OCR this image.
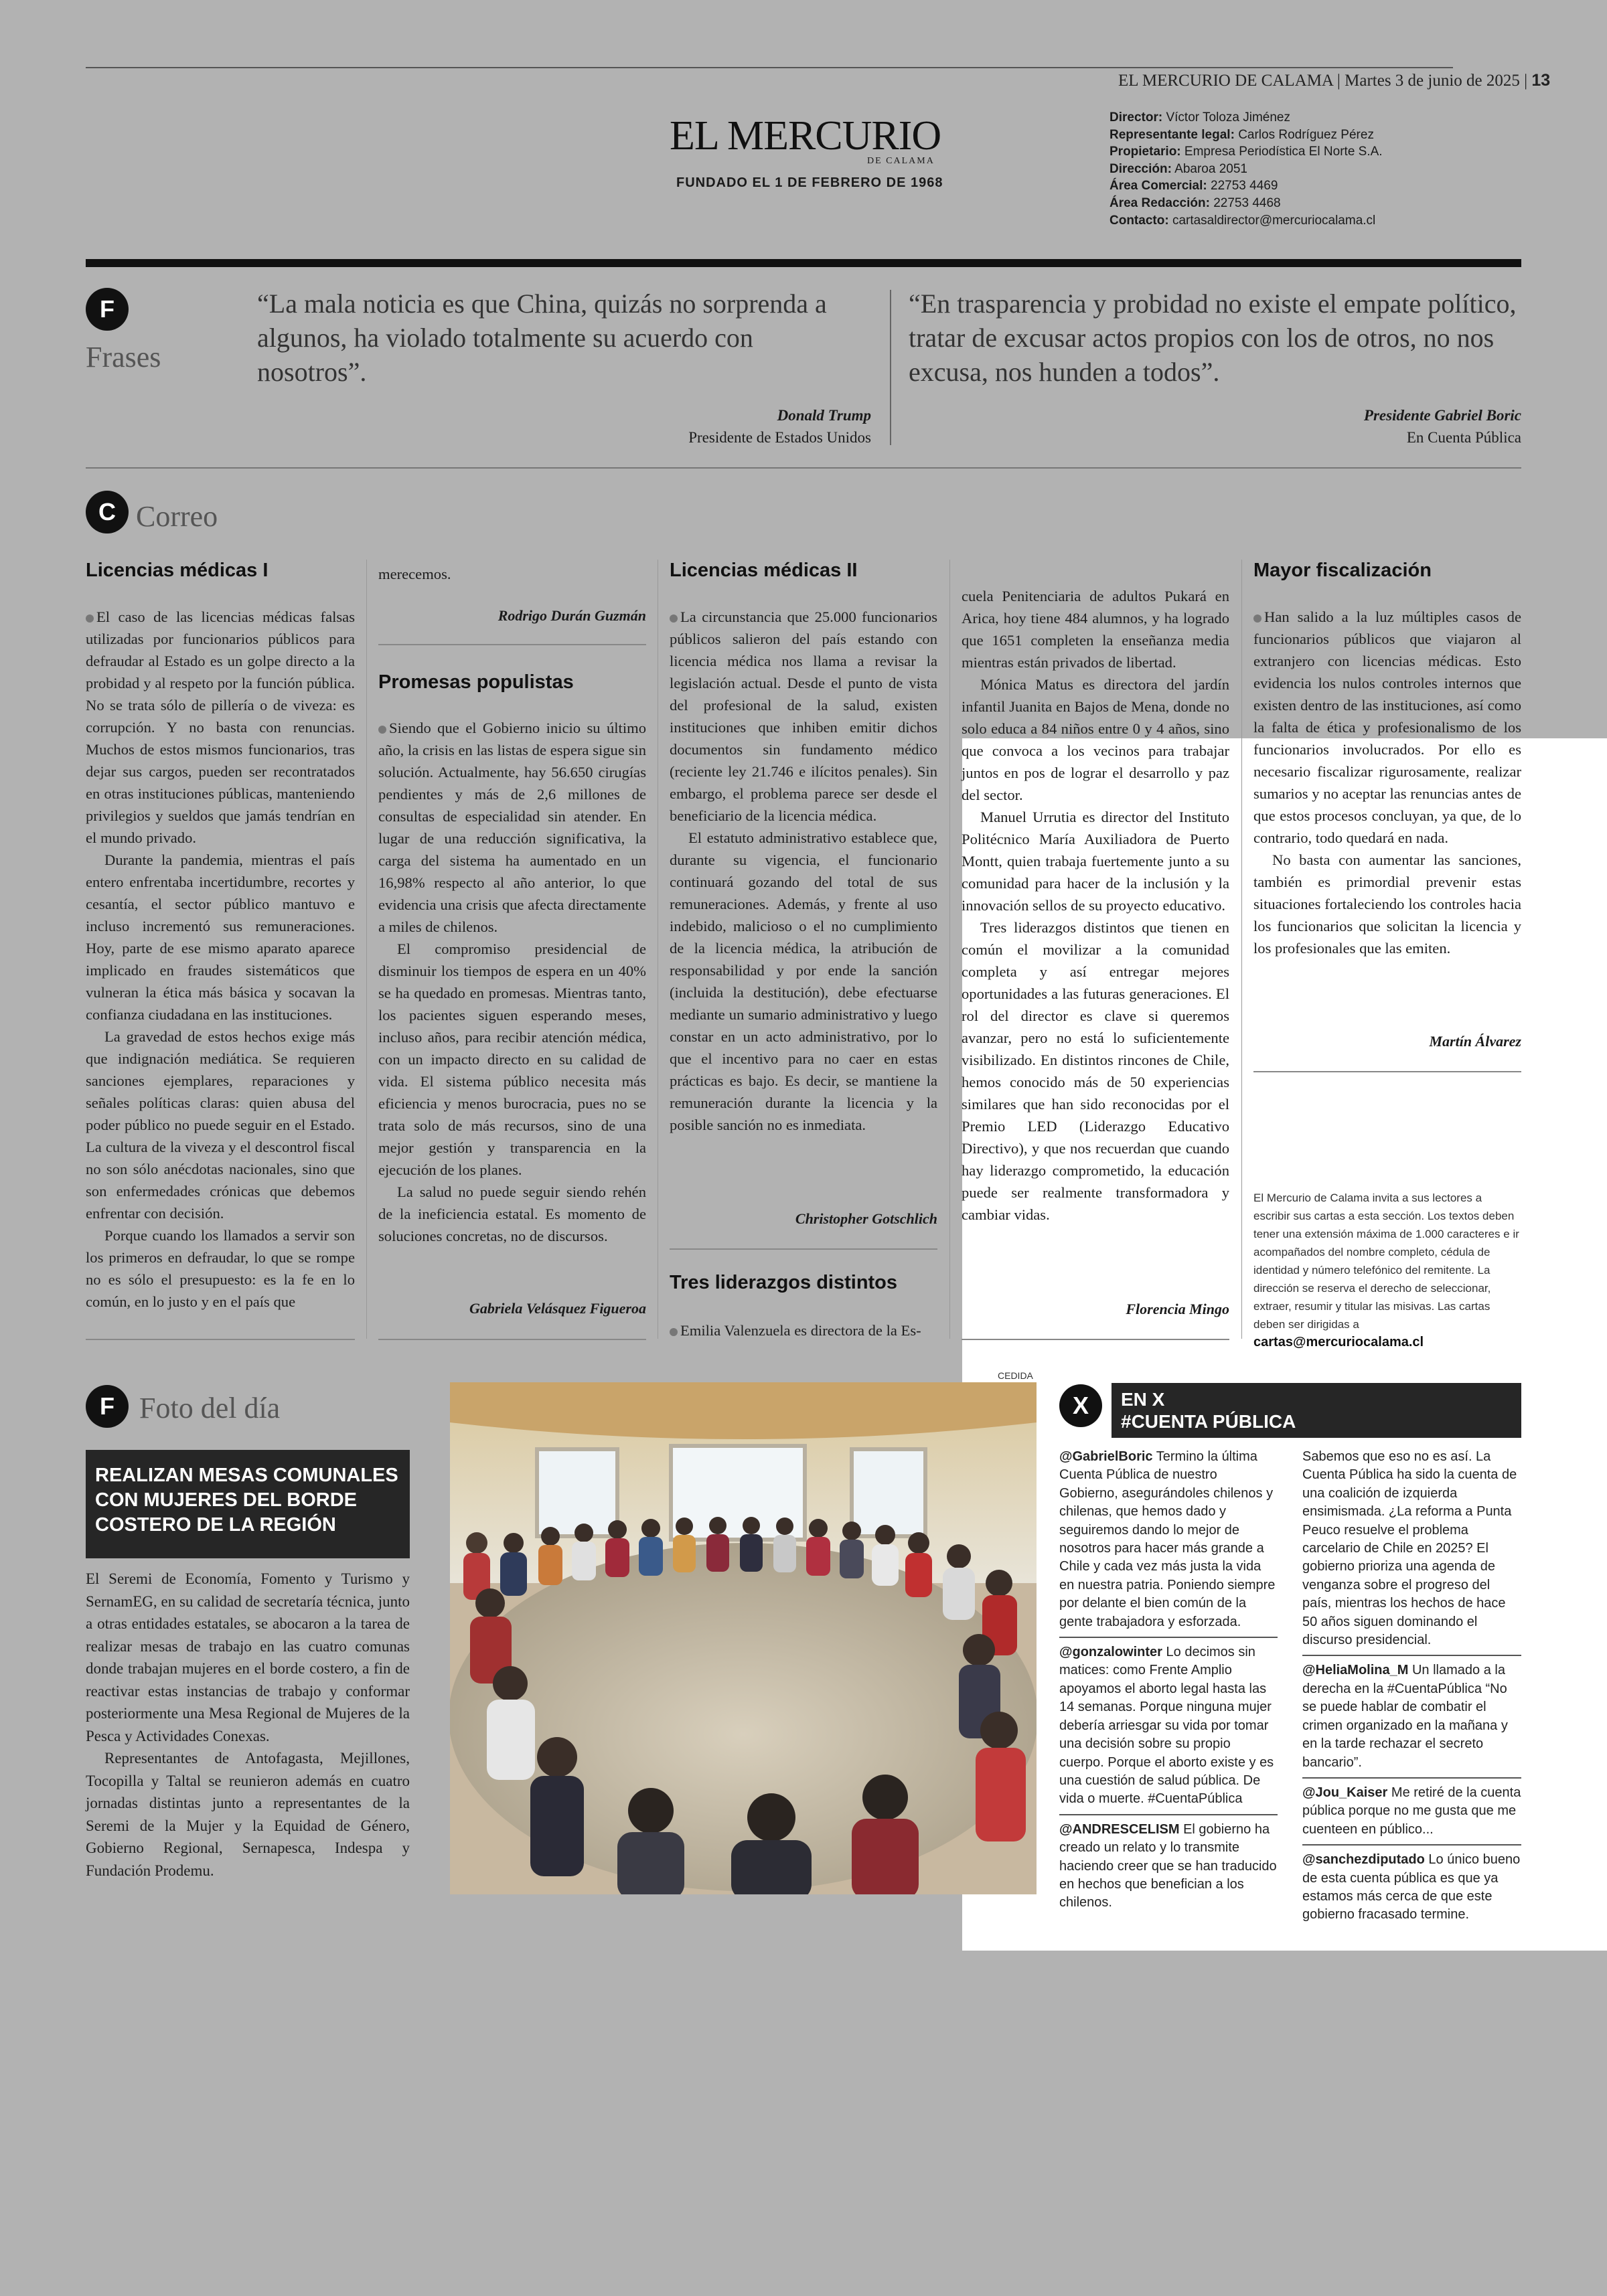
EL MERCURIO DE CALAMA | Martes 3 de junio de 2025 | 13
EL MERCURIO
DE CALAMA
FUNDADO EL 1 DE FEBRERO DE 1968
Director: Víctor Toloza Jiménez
Representante legal: Carlos Rodríguez Pérez
Propietario: Empresa Periodística El Norte S.A.
Dirección: Abaroa 2051
Área Comercial: 22753 4469
Área Redacción: 22753 4468
Contacto: cartasaldirector@mercuriocalama.cl
F
Frases
“La mala noticia es que China, quizás no sorprenda a algunos, ha violado totalmente su acuerdo con nosotros”.
Donald Trump
Presidente de Estados Unidos
“En trasparencia y probidad no existe el empate político, tratar de excusar actos propios con los de otros, no nos excusa, nos hunden a todos”.
Presidente Gabriel Boric
En Cuenta Pública
C Correo
Licencias médicas I

El caso de las licencias médicas falsas utilizadas por funcionarios públicos para defraudar al Estado es un golpe directo a la probidad y al respeto por la función pública. No se trata sólo de pillería o de viveza: es corrupción. Y no basta con renuncias. Muchos de estos mismos funcionarios, tras dejar sus cargos, pueden ser recontratados en otras instituciones públicas, manteniendo privilegios y sueldos que jamás tendrían en el mundo privado.

Durante la pandemia, mientras el país entero enfrentaba incertidumbre, recortes y cesantía, el sector público mantuvo e incluso incrementó sus remuneraciones. Hoy, parte de ese mismo aparato aparece implicado en fraudes sistemáticos que vulneran la ética más básica y socavan la confianza ciudadana en las instituciones.

La gravedad de estos hechos exige más que indignación mediática. Se requieren sanciones ejemplares, reparaciones y señales políticas claras: quien abusa del poder público no puede seguir en el Estado. La cultura de la viveza y el descontrol fiscal no son sólo anécdotas nacionales, sino que son enfermedades crónicas que debemos enfrentar con decisión.

Porque cuando los llamados a servir son los primeros en defraudar, lo que se rompe no es sólo el presupuesto: es la fe en lo común, en lo justo y en el país que

merecemos.
Rodrigo Durán Guzmán
Promesas populistas

Siendo que el Gobierno inicio su último año, la crisis en las listas de espera sigue sin solución. Actualmente, hay 56.650 cirugías pendientes y más de 2,6 millones de consultas de especialidad sin atender. En lugar de una reducción significativa, la carga del sistema ha aumentado en un 16,98% respecto al año anterior, lo que evidencia una crisis que afecta directamente a miles de chilenos.

El compromiso presidencial de disminuir los tiempos de espera en un 40% se ha quedado en promesas. Mientras tanto, los pacientes siguen esperando meses, incluso años, para recibir atención médica, con un impacto directo en su calidad de vida. El sistema público necesita más eficiencia y menos burocracia, pues no se trata solo de más recursos, sino de una mejor gestión y transparencia en la ejecución de los planes.

La salud no puede seguir siendo rehén de la ineficiencia estatal. Es momento de soluciones concretas, no de discursos.

Gabriela Velásquez Figueroa
Licencias médicas II

La circunstancia que 25.000 funcionarios públicos salieron del país estando con licencia médica nos llama a revisar la legislación actual. Desde el punto de vista del profesional de la salud, existen instituciones que inhiben emitir dichos documentos sin fundamento médico (reciente ley 21.746 e ilícitos penales). Sin embargo, el problema parece ser desde el beneficiario de la licencia médica.

El estatuto administrativo establece que, durante su vigencia, el funcionario continuará gozando del total de sus remuneraciones. Además, y frente al uso indebido, malicioso o el no cumplimiento de la licencia médica, la atribución de responsabilidad y por ende la sanción (incluida la destitución), debe efectuarse mediante un sumario administrativo y luego constar en un acto administrativo, por lo que el incentivo para no caer en estas prácticas es bajo. Es decir, se mantiene la remuneración durante la licencia y la posible sanción no es inmediata.

Christopher Gotschlich
Tres liderazgos distintos

Emilia Valenzuela es directora de la Es-

cuela Penitenciaria de adultos Pukará en Arica, hoy tiene 484 alumnos, y ha logrado que 1651 completen la enseñanza media mientras están privados de libertad.

Mónica Matus es directora del jardín infantil Juanita en Bajos de Mena, donde no solo educa a 84 niños entre 0 y 4 años, sino que convoca a los vecinos para trabajar juntos en pos de lograr el desarrollo y paz del sector.

Manuel Urrutia es director del Instituto Politécnico María Auxiliadora de Puerto Montt, quien trabaja fuertemente junto a su comunidad para hacer de la inclusión y la innovación sellos de su proyecto educativo.

Tres liderazgos distintos que tienen en común el movilizar a la comunidad completa y así entregar mejores oportunidades a las futuras generaciones. El rol del director es clave si queremos avanzar, pero no está lo suficientemente visibilizado. En distintos rincones de Chile, hemos conocido más de 50 experiencias similares que han sido reconocidas por el Premio LED (Liderazgo Educativo Directivo), y que nos recuerdan que cuando hay liderazgo comprometido, la educación puede ser realmente transformadora y cambiar vidas.

Florencia Mingo
Mayor fiscalización

Han salido a la luz múltiples casos de funcionarios públicos que viajaron al extranjero con licencias médicas. Esto evidencia los nulos controles internos que existen dentro de las instituciones, así como la falta de ética y profesionalismo de los funcionarios involucrados. Por ello es necesario fiscalizar rigurosamente, realizar sumarios y no aceptar las renuncias antes de que estos procesos concluyan, ya que, de lo contrario, todo quedará en nada.

No basta con aumentar las sanciones, también es primordial prevenir estas situaciones fortaleciendo los controles hacia los funcionarios que solicitan la licencia y los profesionales que las emiten.

Martín Álvarez
El Mercurio de Calama invita a sus lectores a escribir sus cartas a esta sección. Los textos deben tener una extensión máxima de 1.000 caracteres e ir acompañados del nombre completo, cédula de identidad y número telefónico del remitente. La dirección se reserva el derecho de seleccionar, extraer, resumir y titular las misivas. Las cartas deben ser dirigidas a cartas@mercuriocalama.cl
F Foto del día
REALIZAN MESAS COMUNALES CON MUJERES DEL BORDE COSTERO DE LA REGIÓN

El Seremi de Economía, Fomento y Turismo y SernamEG, en su calidad de secretaría técnica, junto a otras entidades estatales, se abocaron a la tarea de realizar mesas de trabajo en las cuatro comunas donde trabajan mujeres en el borde costero, a fin de reactivar estas instancias de trabajo y conformar posteriormente una Mesa Regional de Mujeres de la Pesca y Actividades Conexas.

Representantes de Antofagasta, Mejillones, Tocopilla y Taltal se reunieron además en cuatro jornadas distintas junto a representantes de la Seremi de la Mujer y la Equidad de Género, Gobierno Regional, Sernapesca, Indespa y Fundación Prodemu.

CEDIDA
X	EN X
#CUENTA PÚBLICA
@GabrielBoric Termino la última Cuenta Pública de nuestro Gobierno, asegurándoles chilenos y chilenas, que hemos dado y seguiremos dando lo mejor de nosotros para hacer más grande a Chile y cada vez más justa la vida en nuestra patria. Poniendo siempre por delante el bien común de la gente trabajadora y esforzada.
@gonzalowinter Lo decimos sin matices: como Frente Amplio apoyamos el aborto legal hasta las 14 semanas. Porque ninguna mujer debería arriesgar su vida por tomar una decisión sobre su propio cuerpo. Porque el aborto existe y es una cuestión de salud pública. De vida o muerte. #CuentaPública
@ANDRESCELISM El gobierno ha creado un relato y lo transmite haciendo creer que se han traducido en hechos que benefician a los chilenos.
Sabemos que eso no es así. La Cuenta Pública ha sido la cuenta de una coalición de izquierda ensimismada. ¿La reforma a Punta Peuco resuelve el problema carcelario de Chile en 2025? El gobierno prioriza una agenda de venganza sobre el progreso del país, mientras los hechos de hace 50 años siguen dominando el discurso presidencial.
@HeliaMolina_M Un llamado a la derecha en la #CuentaPública “No se puede hablar de combatir el crimen organizado en la mañana y en la tarde rechazar el secreto bancario”.
@Jou_Kaiser Me retiré de la cuenta pública porque no me gusta que me cuenteen en público...
@sanchezdiputado Lo único bueno de esta cuenta pública es que ya estamos más cerca de que este gobierno fracasado termine.
